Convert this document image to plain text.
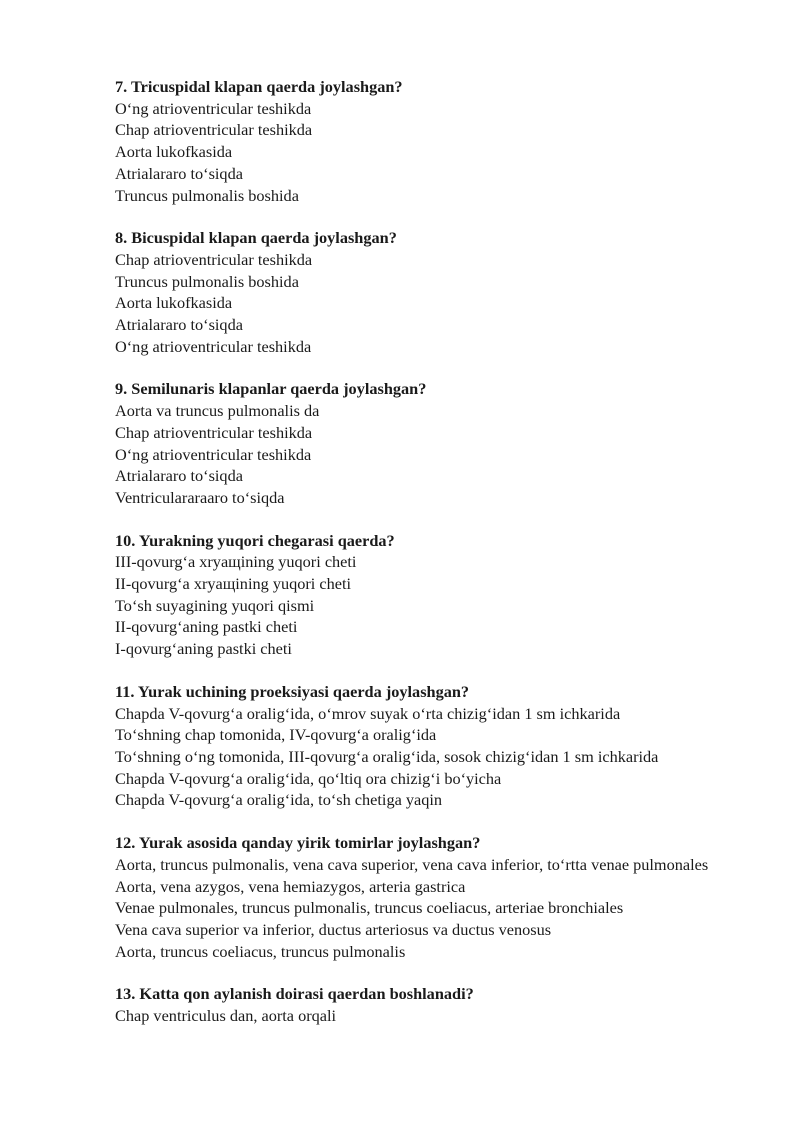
7. Tricuspidal klapan qaerda joylashgan?

O‘ng atrioventricular teshikda

Chap atrioventricular teshikda

Aorta lukofkasida

Atrialararo to‘siqda

Truncus pulmonalis boshida

8. Bicuspidal klapan qaerda joylashgan?

Chap atrioventricular teshikda

Truncus pulmonalis boshida

Aorta lukofkasida

Atrialararo to‘siqda

O‘ng atrioventricular teshikda

9. Semilunaris klapanlar qaerda joylashgan?

Aorta va truncus pulmonalis da

Chap atrioventricular teshikda

O‘ng atrioventricular teshikda

Atrialararo to‘siqda

Ventriculararaаro to‘siqda

10. Yurakning yuqori chegarasi qaerda?

III-qovurg‘a xryaщining yuqori cheti

II-qovurg‘a xryaщining yuqori cheti

To‘sh suyagining yuqori qismi

II-qovurg‘aning pastki cheti

I-qovurg‘aning pastki cheti

11. Yurak uchining proeksiyasi qaerda joylashgan?

Chapda V-qovurg‘a oralig‘ida, o‘mrov suyak o‘rta chizig‘idan 1 sm ichkarida

To‘shning chap tomonida, IV-qovurg‘a oralig‘ida

To‘shning o‘ng tomonida, III-qovurg‘a oralig‘ida, sosok chizig‘idan 1 sm ichkarida

Chapda V-qovurg‘a oralig‘ida, qo‘ltiq ora chizig‘i bo‘yicha

Chapda V-qovurg‘a oralig‘ida, to‘sh chetiga yaqin

12. Yurak asosida qanday yirik tomirlar joylashgan?

Aorta, truncus pulmonalis, vena cava superior, vena cava inferior, to‘rtta venae pulmonales

Aorta, vena azygos, vena hemiazygos, arteria gastrica

Venae pulmonales, truncus pulmonalis, truncus coeliacus, arteriae bronchiales

Vena cava superior va inferior, ductus arteriosus va ductus venosus

Aorta, truncus coeliacus, truncus pulmonalis

13. Katta qon aylanish doirasi qaerdan boshlanadi?

Chap ventriculus dan, aorta orqali
